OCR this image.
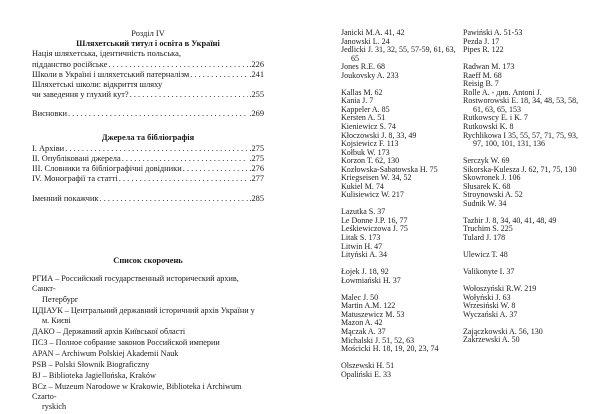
Розділ IV
Шляхетський титул і освіта в Україні
Нація шляхетська, ідентичність польська,
підданство російське . . .	.226
Школи в Україні і шляхетський патерналізм . . .	.241
Шляхетські школи: відкриття шляху
чи заведення у глухий кут? . . .	.255
Висновки . . .	.269
Джерела та бібліографія
I. Архіви . . .	.275
II. Опубліковані джерела . . .	.275
III. Словники та бібліографічні довідники . . .	.276
IV. Монографії та статті . . .	.277
Іменний покажчик . . .	.285
Список скорочень
РГИА – Российский государственный исторический архив, Санкт-
Петербург
ЦДІАУК – Центральний державний історичний архів України у
м. Києві
ДАКО – Державний архів Київської області
ПСЗ – Полное собрание законов Российской империи
APAN – Archiwum Polskiej Akademii Nauk
PSB – Polski Słownik Biograficzny
BJ – Biblioteka Jagiellońska, Kraków
BCz – Muzeum Narodowe w Krakowie, Biblioteka i Archiwum Czarto-
ryskich
Janicki M.A. 41, 42
Janowski L. 24
Jedlicki J. 31, 32, 55, 57-59, 61, 63,
65
Jones R.E. 68
Joukovsky A. 233
Kallas M. 62
Kania J. 7
Kappeler A. 85
Kersten A. 51
Kieniewicz S. 74
Kłoczowski J. 8, 33, 49
Kojsiewicz F. 113
Kołbuk W. 173
Korzon T. 62, 130
Kozłowska-Sabatowska H. 75
Kriegseisen W. 34, 52
Kukiel M. 74
Kulisiewicz W. 217
Lazutka S. 37
Le Donne J.P. 16, 77
Leśkiewiczowa J. 75
Litak S. 173
Litwin H. 47
Lityński A. 34
Łojek J. 18, 92
Łowmiański H. 37
Malec J. 50
Martin A.M. 122
Matuszewicz M. 53
Mazon A. 42
Mączak A. 37
Michalski J. 51, 52, 63
Mościcki H. 18, 19, 20, 23, 74
Olszewski H. 51
Opaliński E. 33
Pawiński A. 51-53
Pezda J. 17
Pipes R. 122
Radwan M. 173
Raeff M. 68
Reisig B. 7
Rolle A. - див. Antoni J.
Rostworowski E. 18, 34, 48, 53, 58,
61, 63, 65, 153
Rutkowscy E. i K. 7
Rutkowski K. 8
Rychlikowa I 35, 55, 57, 71, 75, 93,
97, 100, 101, 131, 136
Serczyk W. 69
Sikorska-Kulesza J. 62, 71, 75, 130
Skowronek J. 106
Słusarek K. 68
Stroynowski A. 52
Sudnik W. 34
Tazbir J. 8, 34, 40, 41, 48, 49
Truchim S. 225
Tulard J. 178
Ulewicz T. 48
Valikonyte I. 37
Wołoszyński R.W. 219
Wołyński J. 63
Wrzesiński W. 8
Wyczański A. 37
Zajączkowski A. 56, 130
Zakrzewski A. 50
